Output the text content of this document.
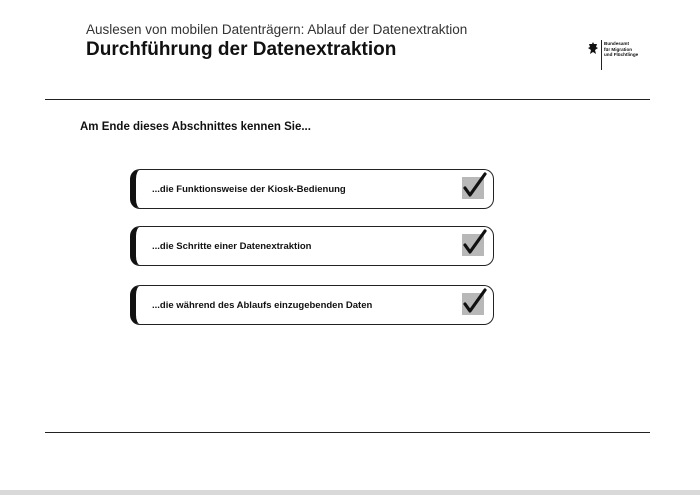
Auslesen von mobilen Datenträgern: Ablauf der Datenextraktion
Durchführung der Datenextraktion	Bundesamt
für Migration
und Flüchtlinge
Am Ende dieses Abschnittes kennen Sie...
...die Funktionsweise der Kiosk-Bedienung
...die Schritte einer Datenextraktion
...die während des Ablaufs einzugebenden Daten
